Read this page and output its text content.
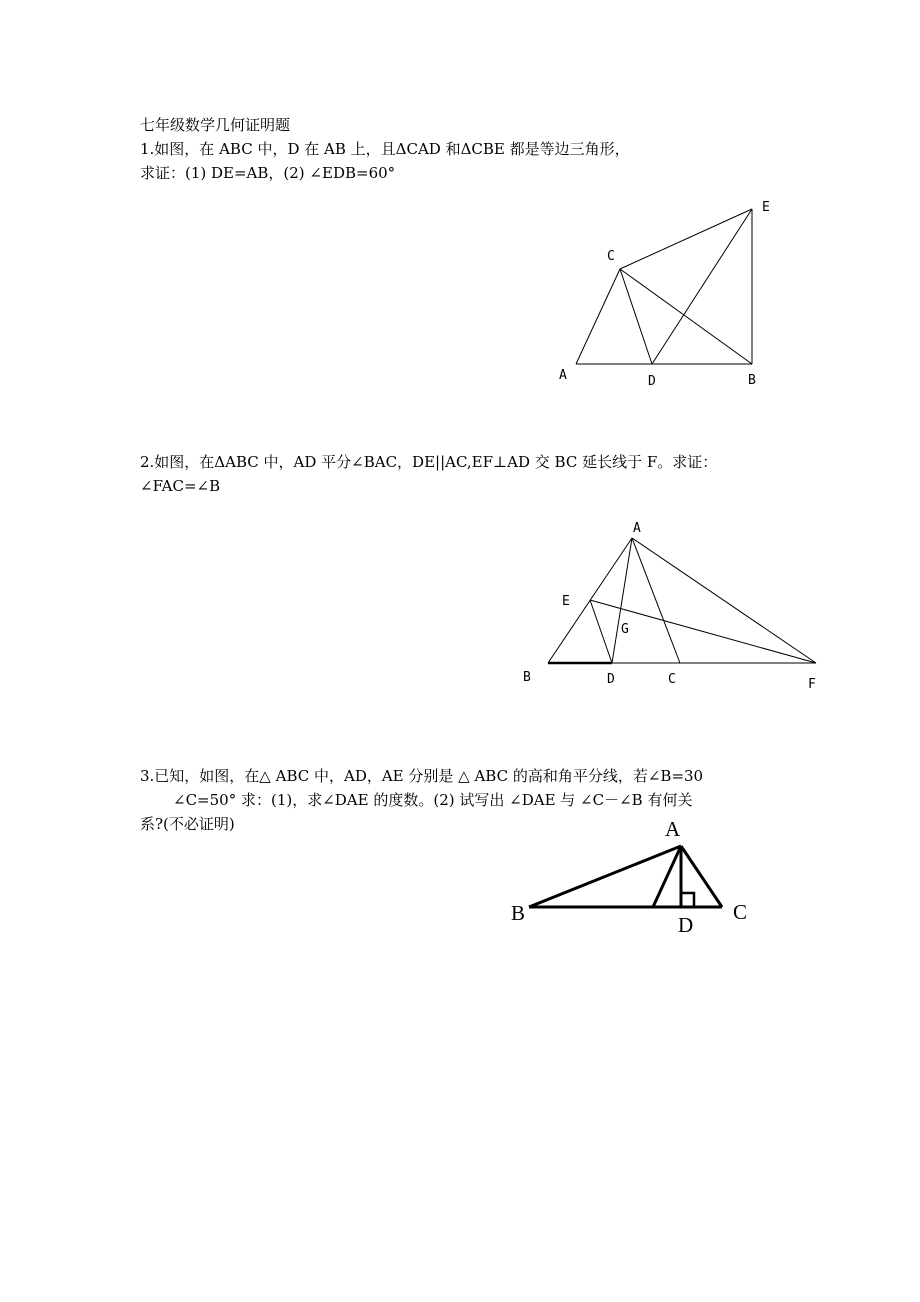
七年级数学几何证明题
1.如图，在 ABC 中，D 在 AB 上，且ΔCAD 和ΔCBE 都是等边三角形，
求证：(1) DE=AB，(2) ∠EDB=60°
C
E
A	D	B
2.如图，在ΔABC 中，AD 平分∠BAC，DE||AC,EF⊥AD 交 BC 延长线于 F。求证：
∠FAC=∠B
A
E
G
B	D	C	F
3.已知，如图，在△ ABC 中，AD，AE 分别是 △ ABC 的高和角平分线，若∠B=30
∠C=50° 求：(1)，求∠DAE 的度数。(2) 试写出 ∠DAE 与 ∠C－∠B 有何关
系?(不必证明)	A
B	D
C
